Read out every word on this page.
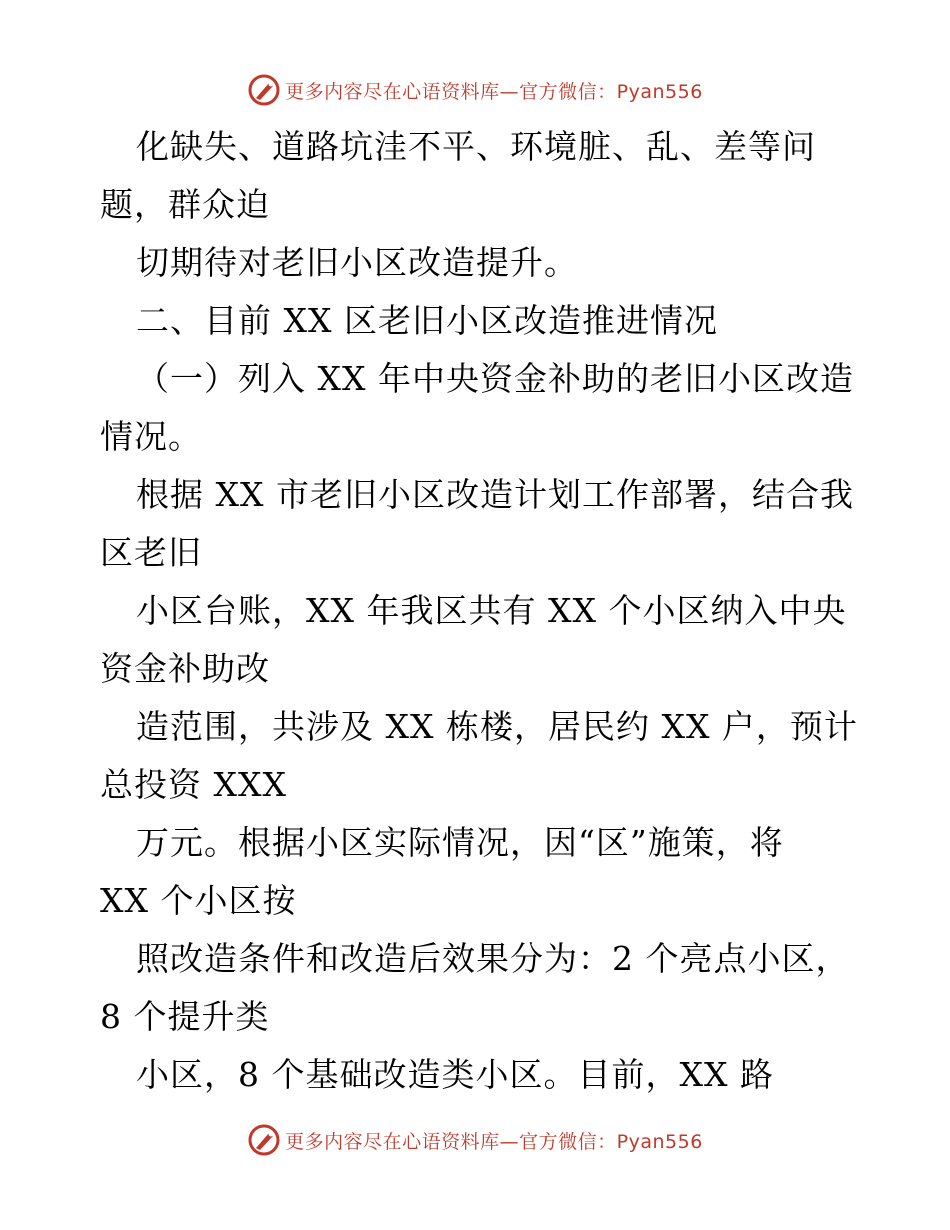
更多内容尽在心语资料库—官方微信：Pyan556
化缺失、道路坑洼不平、环境脏、乱、差等问
题，群众迫
切期待对老旧小区改造提升。
二、目前 XX 区老旧小区改造推进情况
（一）列入 XX 年中央资金补助的老旧小区改造
情况。
根据 XX 市老旧小区改造计划工作部署，结合我
区老旧
小区台账，XX 年我区共有 XX 个小区纳入中央
资金补助改
造范围，共涉及 XX 栋楼，居民约 XX 户，预计
总投资 XXX
万元。根据小区实际情况，因“区”施策，将
XX 个小区按
照改造条件和改造后效果分为：2 个亮点小区，
8 个提升类
小区，8 个基础改造类小区。目前，XX 路
更多内容尽在心语资料库—官方微信：Pyan556
